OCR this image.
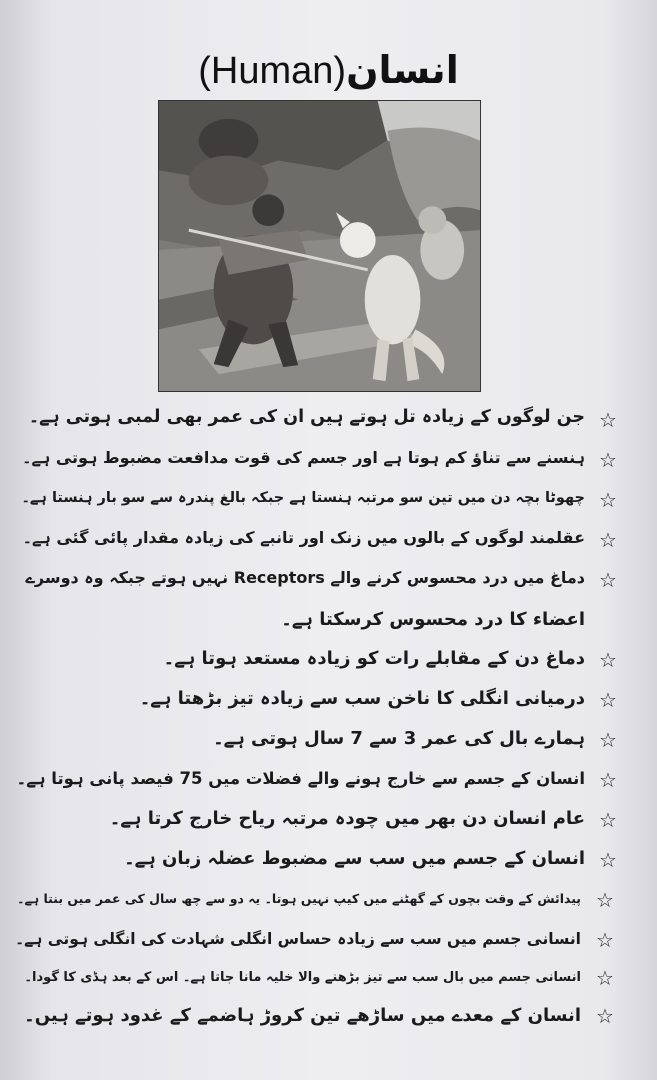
انسان(Human)
☆
جن لوگوں کے زیادہ تل ہوتے ہیں ان کی عمر بھی لمبی ہوتی ہے۔
☆
ہنسنے سے تناؤ کم ہوتا ہے اور جسم کی قوت مدافعت مضبوط ہوتی ہے۔
☆
چھوٹا بچہ دن میں تین سو مرتبہ ہنستا ہے جبکہ بالغ پندرہ سے سو بار ہنستا ہے۔
☆
عقلمند لوگوں کے بالوں میں زنک اور تانبے کی زیادہ مقدار پائی گئی ہے۔
☆
دماغ میں درد محسوس کرنے والے Receptors نہیں ہوتے جبکہ وہ دوسرے
اعضاء کا درد محسوس کرسکتا ہے۔
☆
دماغ دن کے مقابلے رات کو زیادہ مستعد ہوتا ہے۔
☆
درمیانی انگلی کا ناخن سب سے زیادہ تیز بڑھتا ہے۔
☆
ہمارے بال کی عمر 3 سے 7 سال ہوتی ہے۔
☆
انسان کے جسم سے خارج ہونے والے فضلات میں 75 فیصد پانی ہوتا ہے۔
☆
عام انسان دن بھر میں چودہ مرتبہ ریاح خارج کرتا ہے۔
☆
انسان کے جسم میں سب سے مضبوط عضلہ زبان ہے۔
☆
پیدائش کے وقت بچوں کے گھٹنے میں کیپ نہیں ہوتا۔ یہ دو سے چھ سال کی عمر میں بنتا ہے۔
☆
انسانی جسم میں سب سے زیادہ حساس انگلی شہادت کی انگلی ہوتی ہے۔
☆
انسانی جسم میں بال سب سے تیز بڑھنے والا خلیہ مانا جاتا ہے۔ اس کے بعد ہڈی کا گودا۔
☆
انسان کے معدے میں ساڑھے تین کروڑ ہاضمے کے غدود ہوتے ہیں۔
